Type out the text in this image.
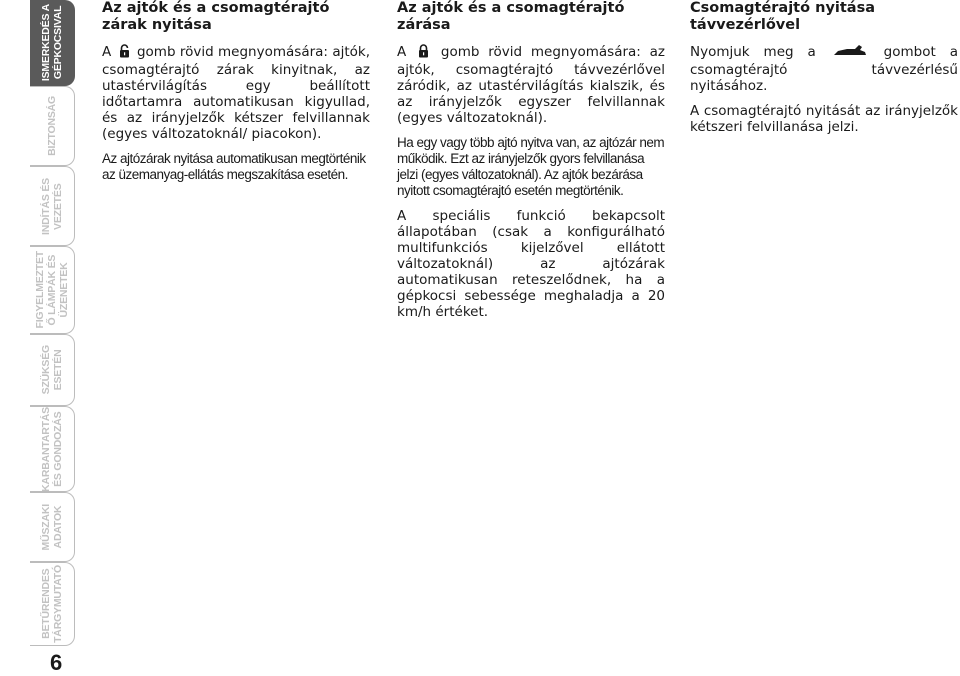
ISMERKEDÉS A
GÉPKOCSIVAL
BIZTONSÁG
INDÍTÁS ÉS
VEZETÉS
FIGYELMEZTET
Ő LÁMPÁK ÉS
ÜZENETEK
SZÜKSÉG
ESETÉN
KARBANTARTÁS
ÉS GONDOZÁS
MŰSZAKI
ADATOK
BETŰRENDES
TÁRGYMUTATÓ
6
Az ajtók és a csomagtérajtó zárak nyitása

A gomb rövid megnyomására: ajtók, csomagtérajtó zárak kinyitnak, az utastérvilágítás egy beállított időtartamra automatikusan kigyullad, és az irányjelzők kétszer felvillannak (egyes változatoknál/ piacokon).

Az ajtózárak nyitása automatikusan megtörténik az üzemanyag-ellátás megszakítása esetén.

Az ajtók és a csomagtérajtó zárása

A	gomb rövid megnyomására: az ajtók, csomagtérajtó távvezérlővel záródik, az utastérvilágítás kialszik, és az irányjelzők egyszer felvillannak (egyes változatoknál).

Ha egy vagy több ajtó nyitva van, az ajtózár nem működik. Ezt az irányjelzők gyors felvillanása jelzi (egyes változatoknál). Az ajtók bezárása nyitott csomagtérajtó esetén megtörténik.

A speciális funkció bekapcsolt állapotában (csak a konfigurálható multifunkciós kijelzővel ellátott változatoknál) az ajtózárak automatikusan reteszelődnek, ha a gépkocsi sebessége meghaladja a 20 km/h értéket.

Csomagtérajtó nyitása távvezérlővel

Nyomjuk meg a	gombot a csomagtérajtó távvezérlésű nyitásához.

A csomagtérajtó nyitását az irányjelzők kétszeri felvillanása jelzi.
